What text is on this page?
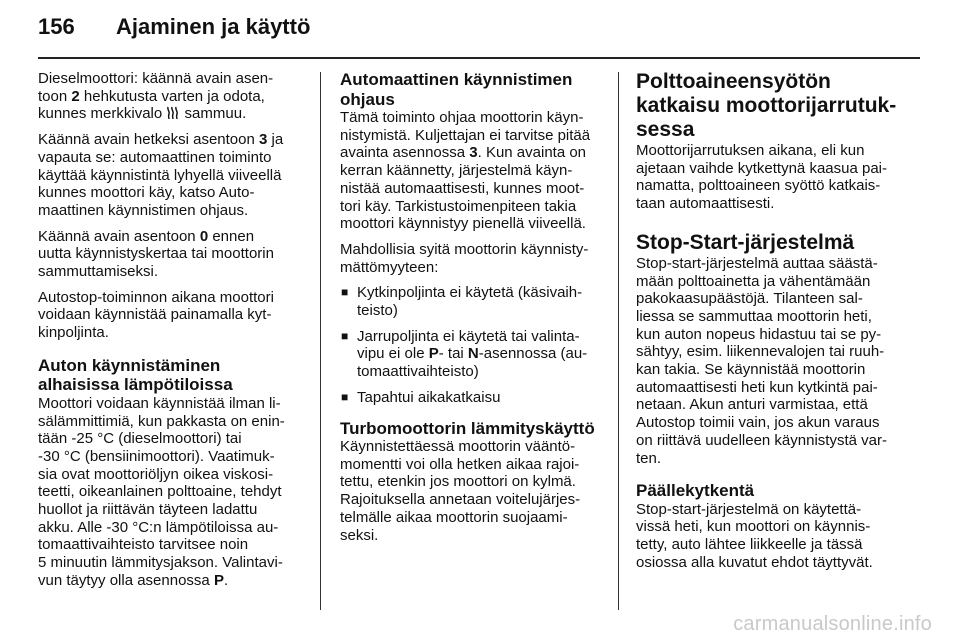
156 Ajaminen ja käyttö

Dieselmoottori: käännä avain asen-
toon 2 hehkutusta varten ja odota,
kunnes merkkivalo  sammuu.

Käännä avain hetkeksi asentoon 3 ja
vapauta se: automaattinen toiminto
käyttää käynnistintä lyhyellä viiveellä
kunnes moottori käy, katso Auto-
maattinen käynnistimen ohjaus.

Käännä avain asentoon 0 ennen
uutta käynnistyskertaa tai moottorin
sammuttamiseksi.

Autostop-toiminnon aikana moottori
voidaan käynnistää painamalla kyt-
kinpoljinta.

Auton käynnistäminen
alhaisissa lämpötiloissa

Moottori voidaan käynnistää ilman li-
sälämmittimiä, kun pakkasta on enin-
tään -25 °C (dieselmoottori) tai
-30 °C (bensiinimoottori). Vaatimuk-
sia ovat moottoriöljyn oikea viskosi-
teetti, oikeanlainen polttoaine, tehdyt
huollot ja riittävän täyteen ladattu
akku. Alle -30 °C:n lämpötiloissa au-
tomaattivaihteisto tarvitsee noin
5 minuutin lämmitysjakson. Valintavi-
vun täytyy olla asennossa P.

Automaattinen käynnistimen
ohjaus

Tämä toiminto ohjaa moottorin käyn-
nistymistä. Kuljettajan ei tarvitse pitää
avainta asennossa 3. Kun avainta on
kerran käännetty, järjestelmä käyn-
nistää automaattisesti, kunnes moot-
tori käy. Tarkistustoimenpiteen takia
moottori käynnistyy pienellä viiveellä.

Mahdollisia syitä moottorin käynnisty-
mättömyyteen:

■ Kytkinpoljinta ei käytetä (käsivaih-
teisto)
■ Jarrupoljinta ei käytetä tai valinta-
vipu ei ole P- tai N-asennossa (au-
tomaattivaihteisto)
■ Tapahtui aikakatkaisu
Turbomoottorin lämmityskäyttö

Käynnistettäessä moottorin vääntö-
momentti voi olla hetken aikaa rajoi-
tettu, etenkin jos moottori on kylmä.
Rajoituksella annetaan voitelujärjes-
telmälle aikaa moottorin suojaami-
seksi.

Polttoaineensyötön
katkaisu moottorijarrutuk-
sessa

Moottorijarrutuksen aikana, eli kun
ajetaan vaihde kytkettynä kaasua pai-
namatta, polttoaineen syöttö katkais-
taan automaattisesti.

Stop-Start-järjestelmä

Stop-start-järjestelmä auttaa säästä-
mään polttoainetta ja vähentämään
pakokaasupäästöjä. Tilanteen sal-
liessa se sammuttaa moottorin heti,
kun auton nopeus hidastuu tai se py-
sähtyy, esim. liikennevalojen tai ruuh-
kan takia. Se käynnistää moottorin
automaattisesti heti kun kytkintä pai-
netaan. Akun anturi varmistaa, että
Autostop toimii vain, jos akun varaus
on riittävä uudelleen käynnistystä var-
ten.

Päällekytkentä

Stop-start-järjestelmä on käytettä-
vissä heti, kun moottori on käynnis-
tetty, auto lähtee liikkeelle ja tässä
osiossa alla kuvatut ehdot täyttyvät.

carmanualsonline.info
